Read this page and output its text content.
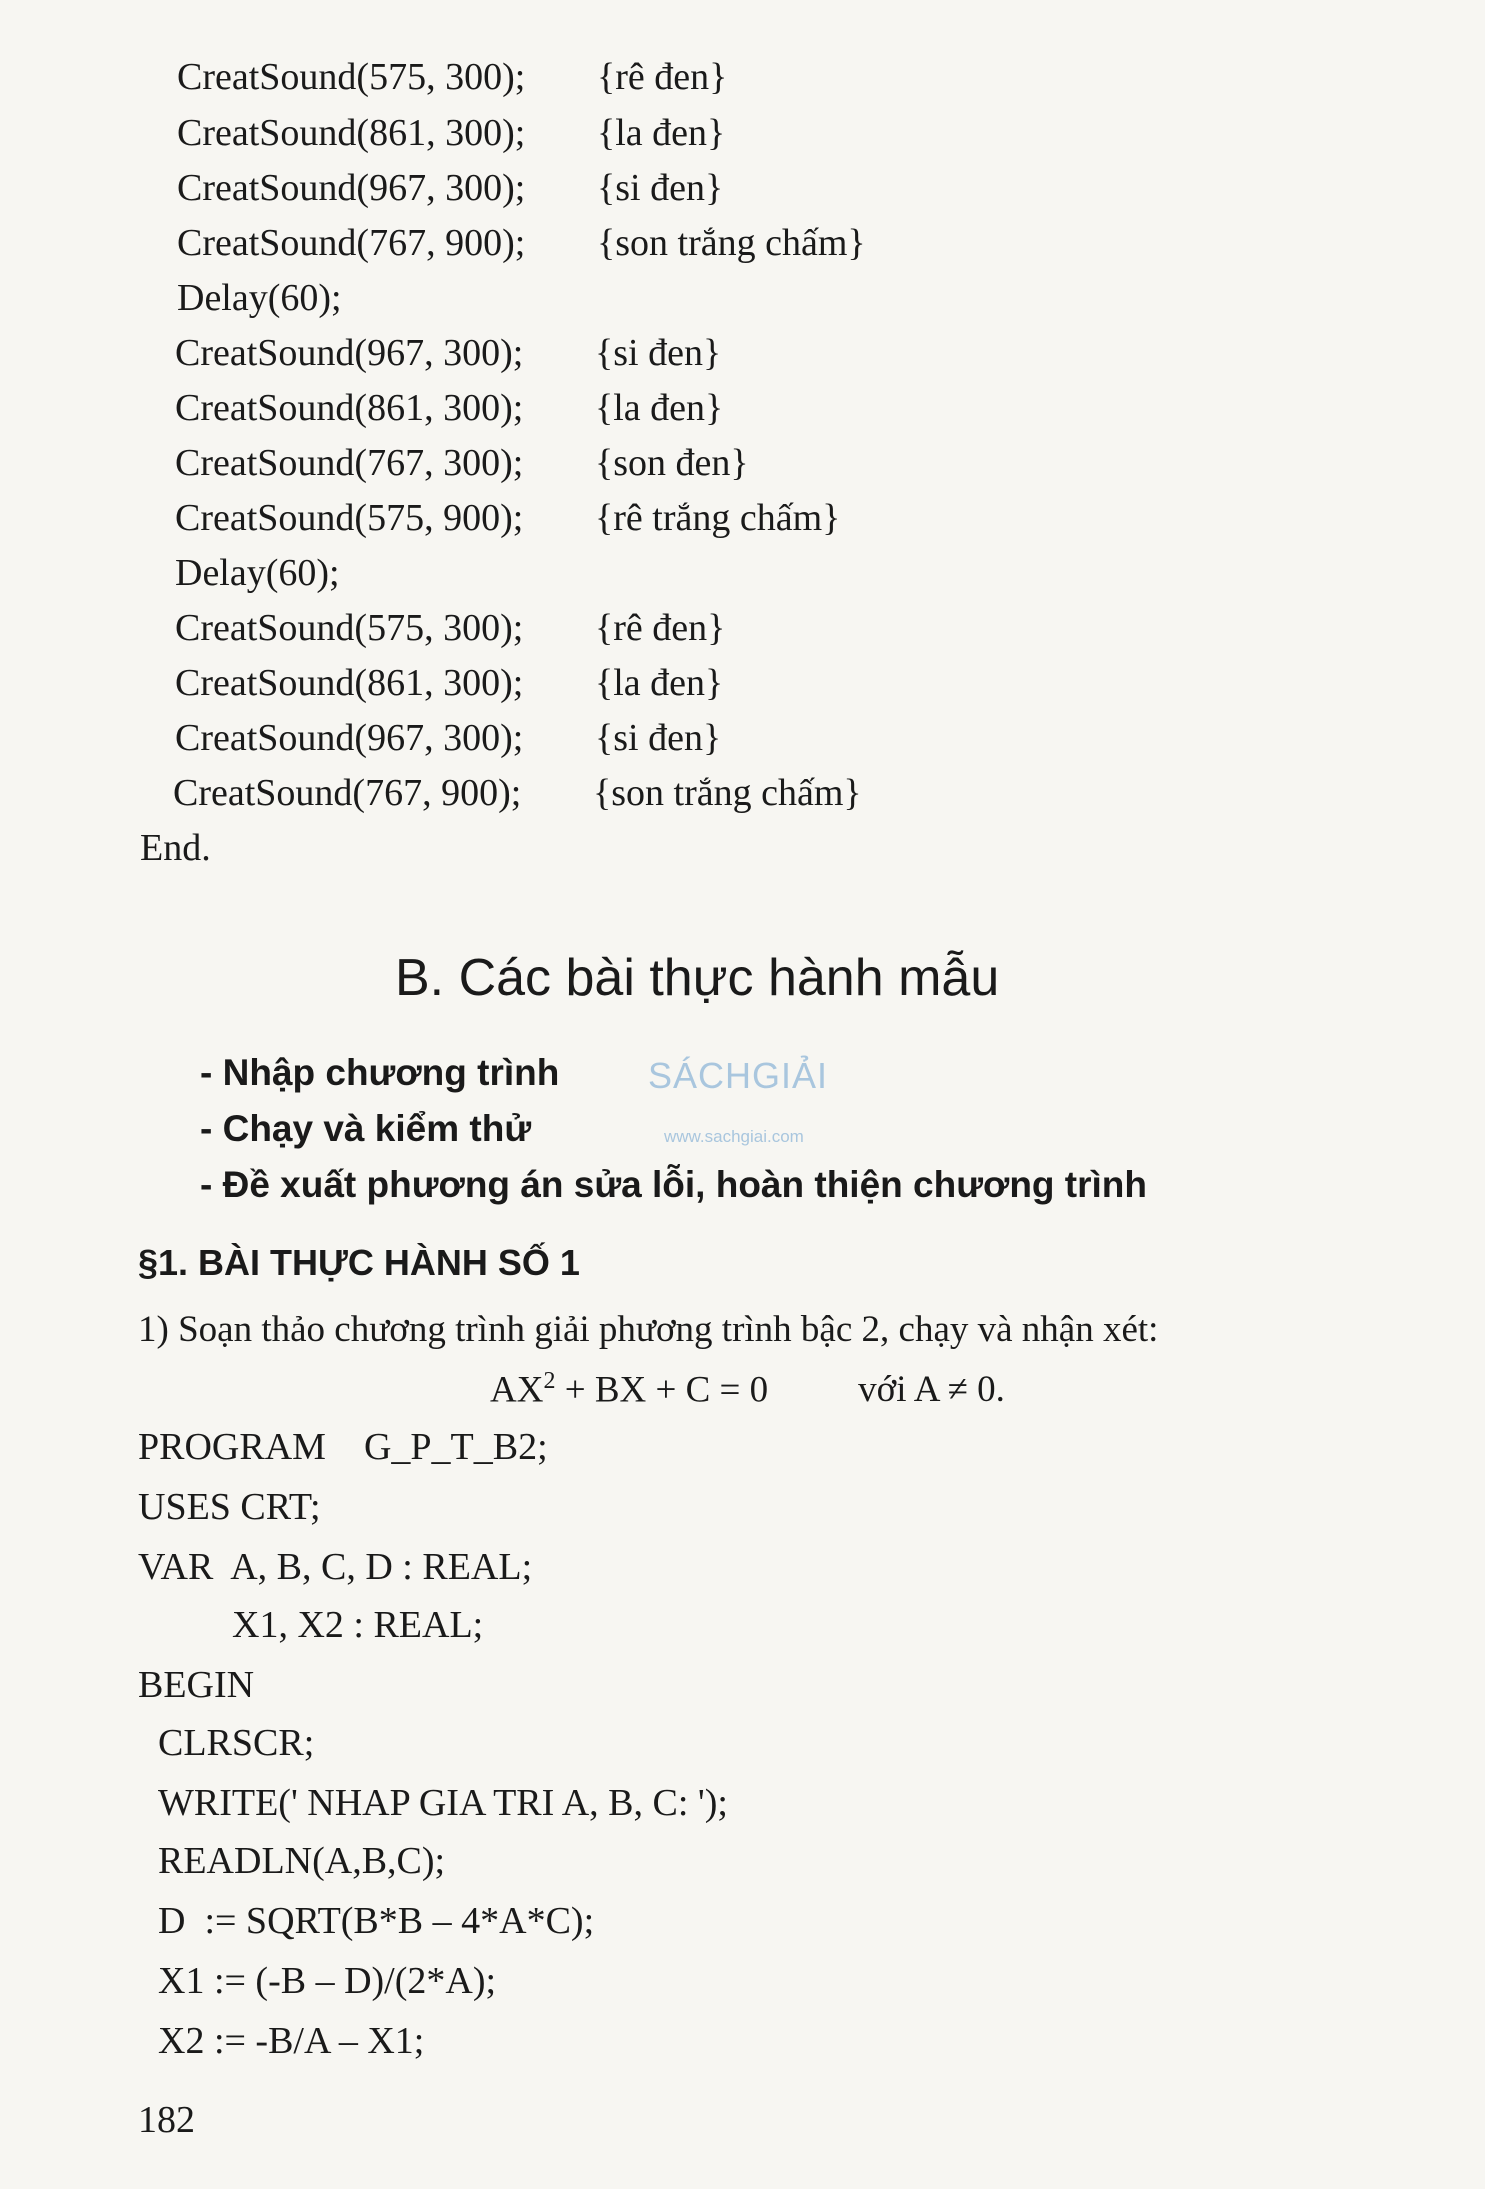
CreatSound(575, 300); {rê đen}
CreatSound(861, 300); {la đen}
CreatSound(967, 300); {si đen}
CreatSound(767, 900); {son trắng chấm}
Delay(60);
CreatSound(967, 300); {si đen}
CreatSound(861, 300); {la đen}
CreatSound(767, 300); {son đen}
CreatSound(575, 900); {rê trắng chấm}
Delay(60);
CreatSound(575, 300); {rê đen}
CreatSound(861, 300); {la đen}
CreatSound(967, 300); {si đen}
CreatSound(767, 900); {son trắng chấm}
End.
B. Các bài thực hành mẫu
- Nhập chương trình
- Chạy và kiểm thử
- Đề xuất phương án sửa lỗi, hoàn thiện chương trình
SÁCHGIẢI
www.sachgiai.com
§1. BÀI THỰC HÀNH SỐ 1
1) Soạn thảo chương trình giải phương trình bậc 2, chạy và nhận xét:
$AX^2$ + BX + C = 0 với A ≠ 0.
PROGRAM    G_P_T_B2;
USES CRT;
VAR  A, B, C, D : REAL;
X1, X2 : REAL;
BEGIN
CLRSCR;
WRITE(' NHAP GIA TRI A, B, C: ');
READLN(A,B,C);
D  := SQRT(B*B – 4*A*C);
X1 := (-B – D)/(2*A);
X2 := -B/A – X1;
182
